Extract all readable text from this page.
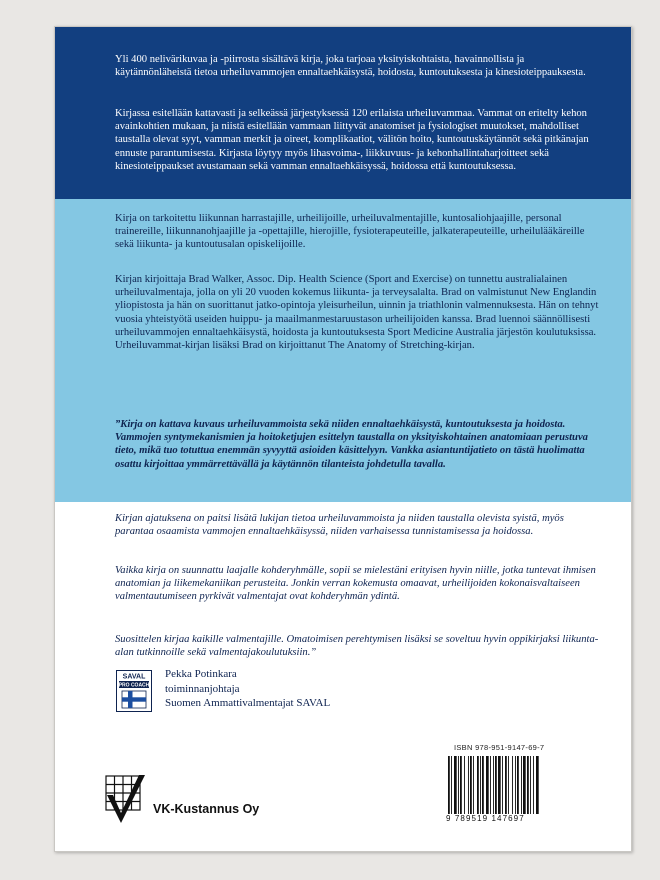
Yli 400 nelivärikuvaa ja -piirrosta sisältävä kirja, joka tarjoaa yksityiskohtaista, havainnollista ja käytännönläheistä tietoa urheiluvammojen ennaltaehkäisystä, hoidosta, kuntoutuksesta ja kinesioteippauksesta.

Kirjassa esitellään kattavasti ja selkeässä järjestyksessä 120 erilaista urheiluvammaa. Vammat on eritelty kehon avainkohtien mukaan, ja niistä esitellään vammaan liittyvät anatomiset ja fysiologiset muutokset, mahdolliset taustalla olevat syyt, vamman merkit ja oireet, komplikaatiot, välitön hoito, kuntoutuskäytännöt sekä pitkänajan ennuste parantumisesta. Kirjasta löytyy myös lihasvoima-, liikkuvuus- ja kehonhallintaharjoitteet sekä kinesioteippaukset avustamaan sekä vamman ennaltaehkäisyssä, hoidossa että kuntoutuksessa.

Kirja on tarkoitettu liikunnan harrastajille, urheilijoille, urheiluvalmentajille, kuntosaliohjaajille, personal trainereille, liikunnanohjaajille ja -opettajille, hierojille, fysioterapeuteille, jalkaterapeuteille, urheilulääkäreille sekä liikunta- ja kuntoutusalan opiskelijoille.

Kirjan kirjoittaja Brad Walker, Assoc. Dip. Health Science (Sport and Exercise) on tunnettu australialainen urheiluvalmentaja, jolla on yli 20 vuoden kokemus liikunta- ja terveysalalta. Brad on valmistunut New Englandin yliopistosta ja hän on suorittanut jatko-opintoja yleisurheilun, uinnin ja triathlonin valmennuksesta. Hän on tehnyt vuosia yhteistyötä useiden huippu- ja maailmanmestaruustason urheilijoiden kanssa. Brad luennoi säännöllisesti urheiluvammojen ennaltaehkäisystä, hoidosta ja kuntoutuksesta Sport Medicine Australia järjestön koulutuksissa. Urheiluvammat-kirjan lisäksi Brad on kirjoittanut The Anatomy of Stretching-kirjan.

”Kirja on kattava kuvaus urheiluvammoista sekä niiden ennaltaehkäisystä, kuntoutuksesta ja hoidosta. Vammojen syntymekanismien ja hoitoketjujen esittelyn taustalla on yksityiskohtainen anatomiaan perustuva tieto, mikä tuo totuttua enemmän syvyyttä asioiden käsittelyyn. Vankka asiantuntijatieto on tästä huolimatta osattu kirjoittaa ymmärrettävällä ja käytännön tilanteista johdetulla tavalla.

Kirjan ajatuksena on paitsi lisätä lukijan tietoa urheiluvammoista ja niiden taustalla olevista syistä, myös parantaa osaamista vammojen ennaltaehkäisyssä, niiden varhaisessa tunnistamisessa ja hoidossa.

Vaikka kirja on suunnattu laajalle kohderyhmälle, sopii se mielestäni erityisen hyvin niille, jotka tuntevat ihmisen anatomian ja liikemekaniikan perusteita. Jonkin verran kokemusta omaavat, urheilijoiden kokonaisvaltaiseen valmentautumiseen pyrkivät valmentajat ovat kohderyhmän ydintä.

Suosittelen kirjaa kaikille valmentajille. Omatoimisen perehtymisen lisäksi se soveltuu hyvin oppikirjaksi liikunta-alan tutkinnoille sekä valmentajakoulutuksiin.”

SAVAL
PRO COACH
Pekka Potinkara
toiminnanjohtaja
Suomen Ammattivalmentajat SAVAL
ISBN 978-951-9147-69-7
9 789519 147697
VK-Kustannus Oy
